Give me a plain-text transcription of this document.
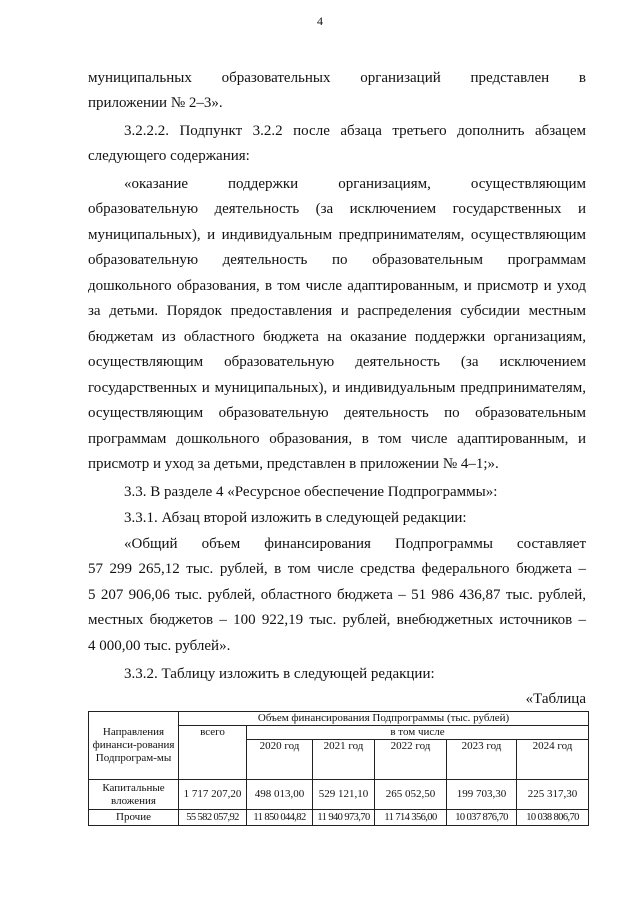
4
муниципальных образовательных организаций представлен в
приложении № 2–3».
3.2.2.2. Подпункт 3.2.2 после абзаца третьего дополнить абзацем
следующего содержания:
«оказание поддержки организациям, осуществляющим
образовательную деятельность (за исключением государственных и
муниципальных), и индивидуальным предпринимателям, осуществляющим
образовательную деятельность по образовательным программам
дошкольного образования, в том числе адаптированным, и присмотр и уход
за детьми. Порядок предоставления и распределения субсидии местным
бюджетам из областного бюджета на оказание поддержки организациям,
осуществляющим образовательную деятельность (за исключением
государственных и муниципальных), и индивидуальным предпринимателям,
осуществляющим образовательную деятельность по образовательным
программам дошкольного образования, в том числе адаптированным, и
присмотр и уход за детьми, представлен в приложении № 4–1;».
3.3. В разделе 4 «Ресурсное обеспечение Подпрограммы»:
3.3.1. Абзац второй изложить в следующей редакции:
«Общий объем финансирования Подпрограммы составляет
57 299 265,12 тыс. рублей, в том числе средства федерального бюджета –
5 207 906,06 тыс. рублей, областного бюджета – 51 986 436,87 тыс. рублей,
местных бюджетов – 100 922,19 тыс. рублей, внебюджетных источников –
4 000,00 тыс. рублей».
3.3.2. Таблицу изложить в следующей редакции:
«Таблица
Направления финанси-рования Подпрограм-мы	Объем финансирования Подпрограммы (тыс. рублей)					
	всего	в том числе				
		2020 год	2021 год	2022 год	2023 год	2024 год
Капитальные вложения	1 717 207,20	498 013,00	529 121,10	265 052,50	199 703,30	225 317,30
Прочие	55 582 057,92	11 850 044,82	11 940 973,70	11 714 356,00	10 037 876,70	10 038 806,70
